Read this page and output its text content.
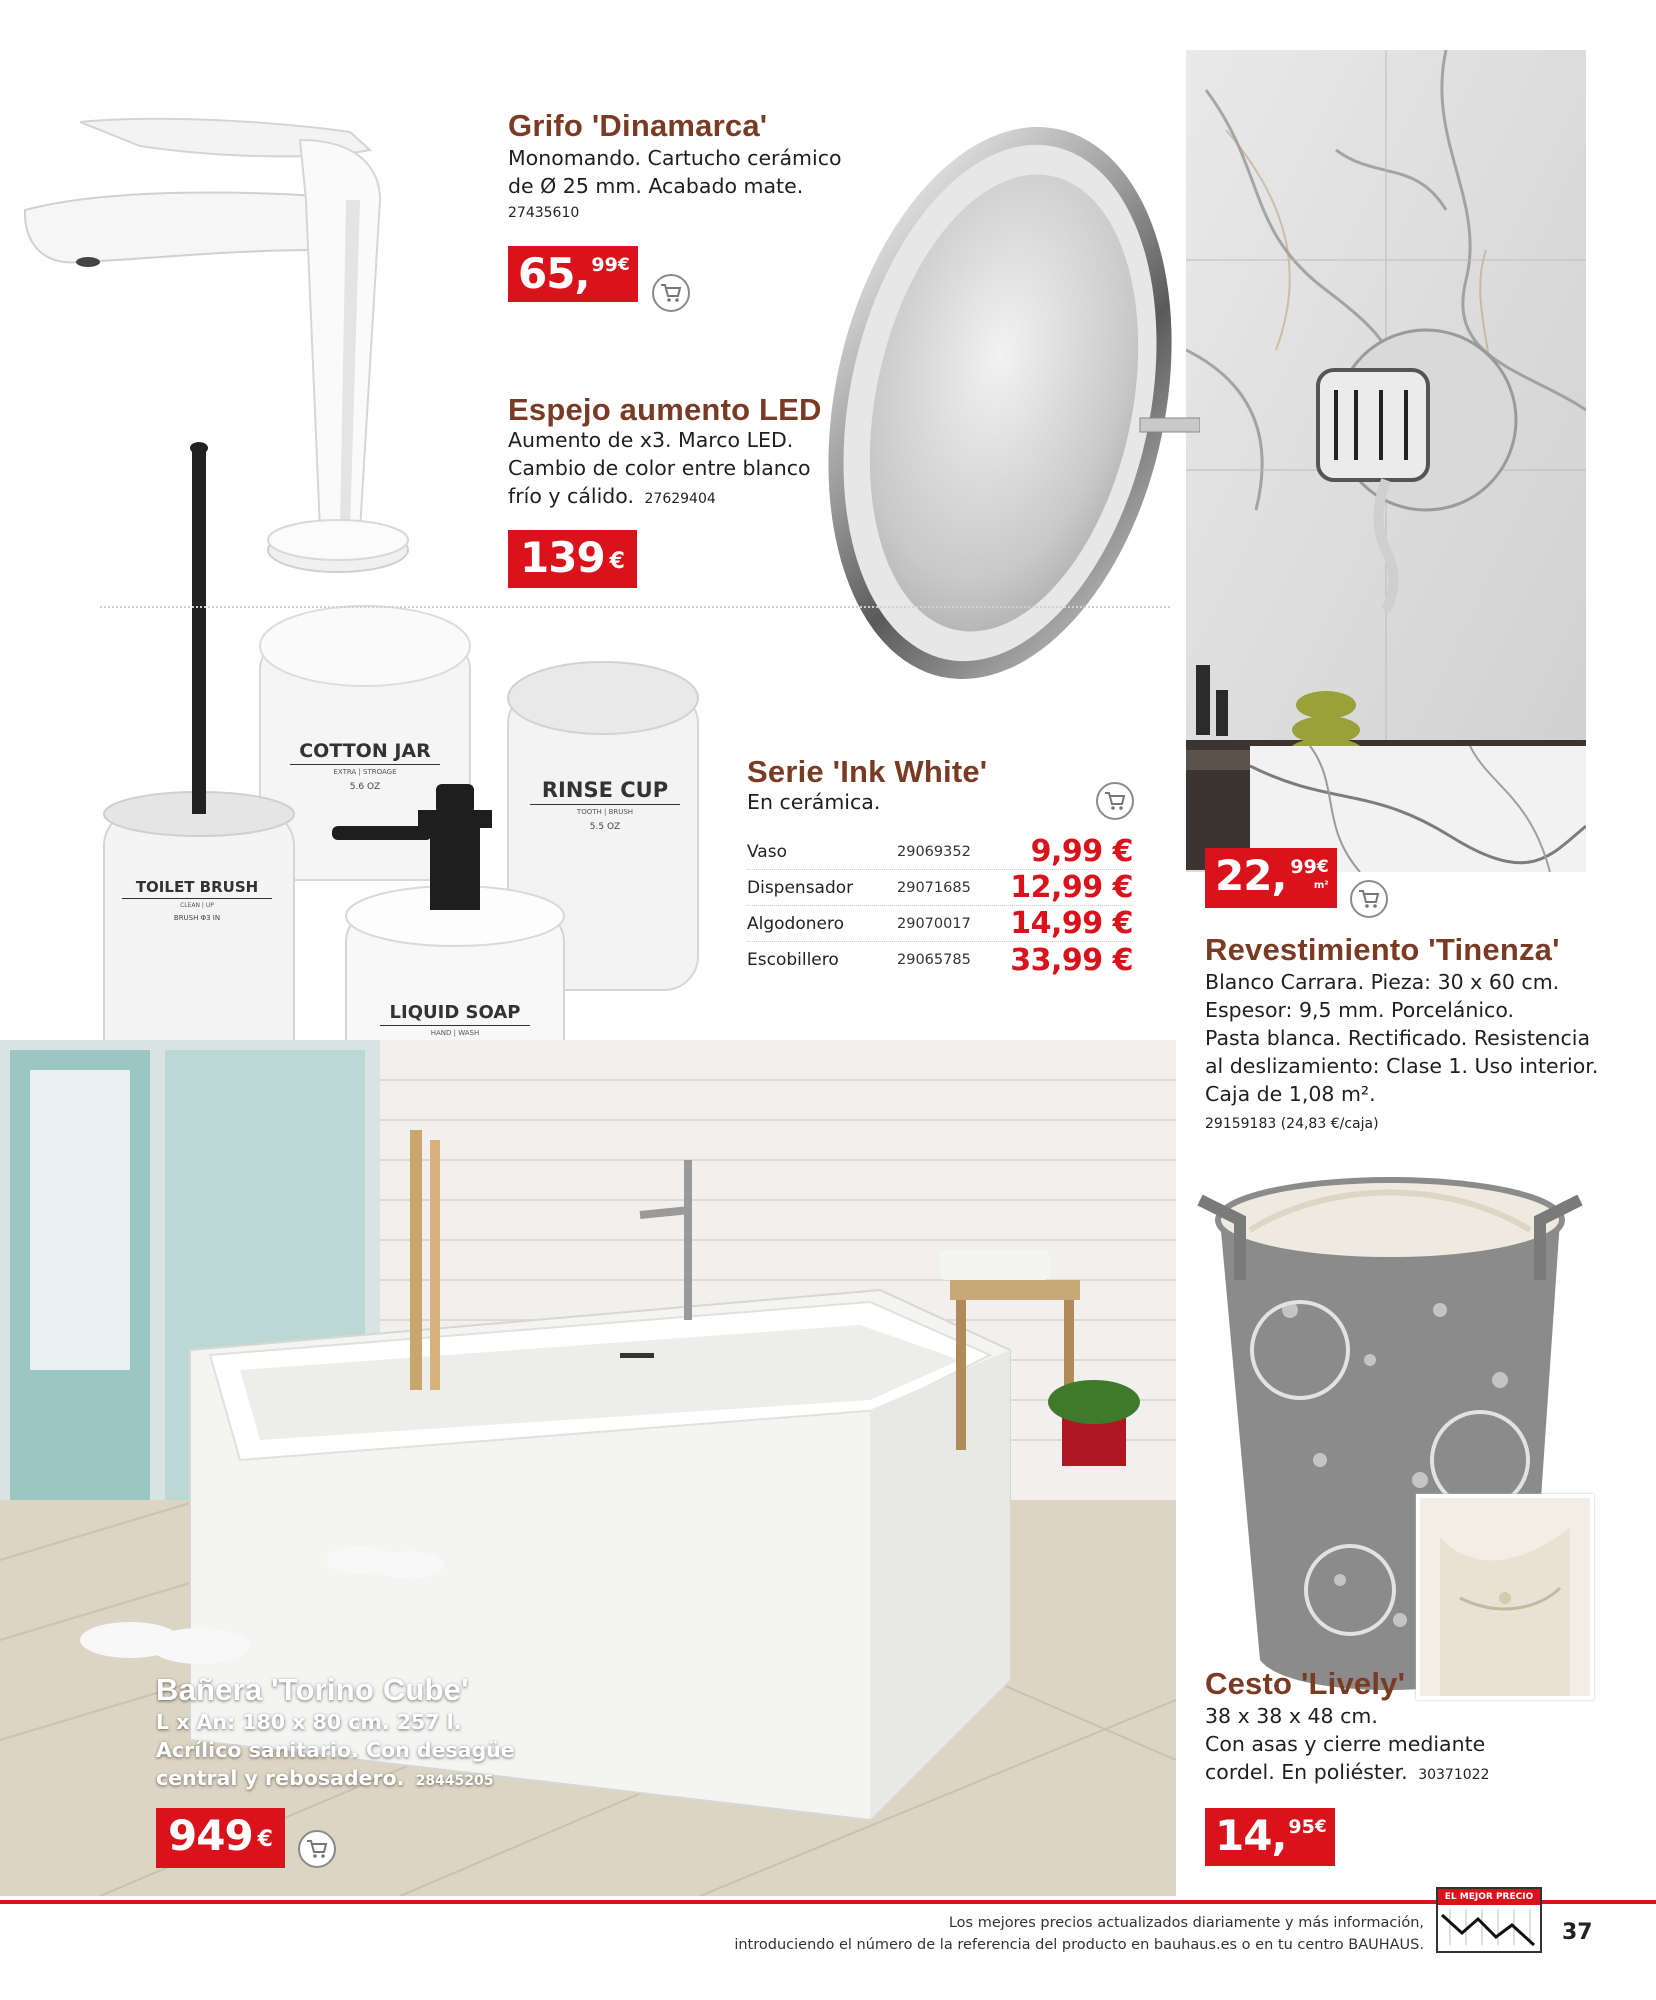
COTTON JAR
EXTRA | STROAGE
5.6 OZ	RINSE CUP
TOOTH | BRUSH
5.5 OZ
TOILET BRUSH
CLEAN | UP
BRUSH Φ3 IN
LIQUID SOAP
HAND | WASH
Grifo 'Dinamarca'
Monomando. Cartucho cerámico
de Ø 25 mm. Acabado mate.
27435610
65, 99 €
Espejo aumento LED
Aumento de x3. Marco LED.
Cambio de color entre blanco
frío y cálido. 27629404
139 €
Serie 'Ink White'
En cerámica.
Vaso	29069352	9,99 €
Dispensador	29071685	12,99 €
Algodonero	29070017	14,99 €
Escobillero	29065785	33,99 €
22, 99 €
m²
Revestimiento 'Tinenza'
Blanco Carrara. Pieza: 30 x 60 cm.
Espesor: 9,5 mm. Porcelánico.
Pasta blanca. Rectificado. Resistencia
al deslizamiento: Clase 1. Uso interior.
Caja de 1,08 m².
29159183 (24,83 €/caja)
Bañera 'Torino Cube'
L x An: 180 x 80 cm. 257 l.
Acrílico sanitario. Con desagüe
central y rebosadero. 28445205
949 €
Cesto 'Lively'
38 x 38 x 48 cm.
Con asas y cierre mediante
cordel. En poliéster. 30371022
14, 95 €
Los mejores precios actualizados diariamente y más información,
introduciendo el número de la referencia del producto en bauhaus.es o en tu centro BAUHAUS.
EL MEJOR PRECIO
37
